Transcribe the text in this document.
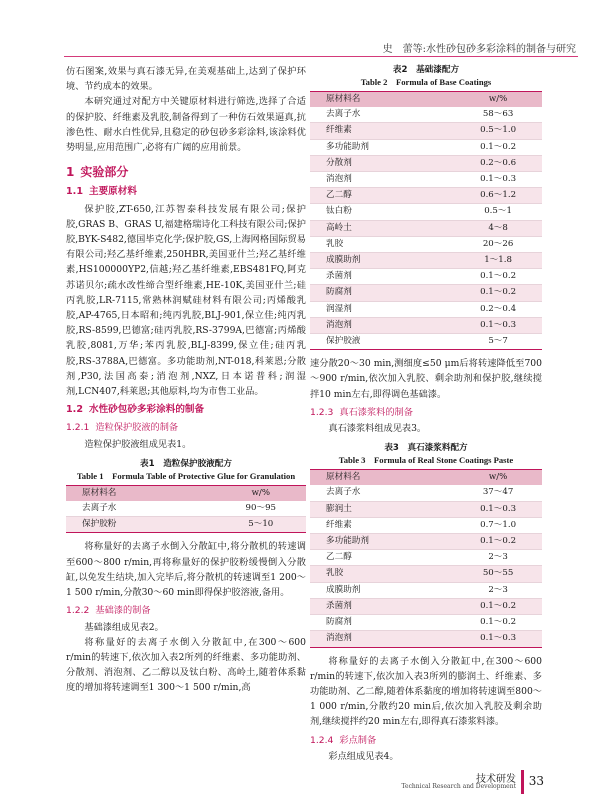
史　蕾等:水性砂包砂多彩涂料的制备与研究

仿石图案,效果与真石漆无异,在美观基础上,达到了保护环境、节约成本的效果。

本研究通过对配方中关键原材料进行筛选,选择了合适的保护胶、纤维素及乳胶,制备得到了一种仿石效果逼真,抗渗色性、耐水白性优异,且稳定的砂包砂多彩涂料,该涂料优势明显,应用范围广,必将有广阔的应用前景。

1 实验部分
1.1 主要原材料

保护胶,ZT-650,江苏智泰科技发展有限公司;保护胶,GRAS B、GRAS U,福建格瑞诗化工科技有限公司;保护胶,BYK-S482,德国毕克化学;保护胶,GS,上海网格国际贸易有限公司;羟乙基纤维素,250HBR,美国亚什兰;羟乙基纤维素,HS100000YP2,信越;羟乙基纤维素,EBS481FQ,阿克苏诺贝尔;疏水改性缔合型纤维素,HE-10K,美国亚什兰;硅丙乳胶,LR-7115,常熟林润赋硅材料有限公司;丙烯酸乳胶,AP-4765,日本昭和;纯丙乳胶,BLJ-901,保立佳;纯丙乳胶,RS-8599,巴德富;硅丙乳胶,RS-3799A,巴德富;丙烯酸乳胶,8081,万华;苯丙乳胶,BLJ-8399,保立佳;硅丙乳胶,RS-3788A,巴德富。多功能助剂,NT-018,科莱恩;分散剂,P30,法国高泰;消泡剂,NXZ,日本诺普科;润湿剂,LCN407,科莱恩;其他原料,均为市售工业品。

1.2 水性砂包砂多彩涂料的制备
1.2.1 造粒保护胶液的制备

造粒保护胶液组成见表1。

表1　造粒保护胶液配方
Table 1　Formula Table of Protective Glue for Granulation
原材料名	w/%
去离子水	90～95
保护胶粉	5～10

将称量好的去离子水倒入分散缸中,将分散机的转速调至600～800 r/min,再将称量好的保护胶粉缓慢倒入分散缸,以免发生结块,加入完毕后,将分散机的转速调至1 200～1 500 r/min,分散30～60 min即得保护胶溶液,备用。

1.2.2 基础漆的制备

基础漆组成见表2。

将称量好的去离子水倒入分散缸中,在300～600 r/min的转速下,依次加入表2所列的纤维素、多功能助剂、分散剂、消泡剂、乙二醇以及钛白粉、高岭土,随着体系黏度的增加将转速调至1 300～1 500 r/min,高

表2　基础漆配方
Table 2　Formula of Base Coatings
原材料名	w/%
去离子水	58～63
纤维素	0.5～1.0
多功能助剂	0.1～0.2
分散剂	0.2～0.6
消泡剂	0.1～0.3
乙二醇	0.6～1.2
钛白粉	0.5～1
高岭土	4～8
乳胶	20～26
成膜助剂	1～1.8
杀菌剂	0.1～0.2
防腐剂	0.1～0.2
润湿剂	0.2～0.4
消泡剂	0.1～0.3
保护胶液	5～7

速分散20～30 min,测细度≤50 μm后将转速降低至700～900 r/min,依次加入乳胶、剩余助剂和保护胶,继续搅拌10 min左右,即得调色基础漆。

1.2.3 真石漆浆料的制备

真石漆浆料组成见表3。

表3　真石漆浆料配方
Table 3　Formula of Real Stone Coatings Paste
原材料名	w/%
去离子水	37～47
膨润土	0.1～0.3
纤维素	0.7～1.0
多功能助剂	0.1～0.2
乙二醇	2～3
乳胶	50～55
成膜助剂	2～3
杀菌剂	0.1～0.2
防腐剂	0.1～0.2
消泡剂	0.1～0.3

将称量好的去离子水倒入分散缸中,在300～600 r/min的转速下,依次加入表3所列的膨润土、纤维素、多功能助剂、乙二醇,随着体系黏度的增加将转速调至800～1 000 r/min,分散约20 min后,依次加入乳胶及剩余助剂,继续搅拌约20 min左右,即得真石漆浆料漆。

1.2.4 彩点制备

彩点组成见表4。

技术研发
Technical Research and Development 33
